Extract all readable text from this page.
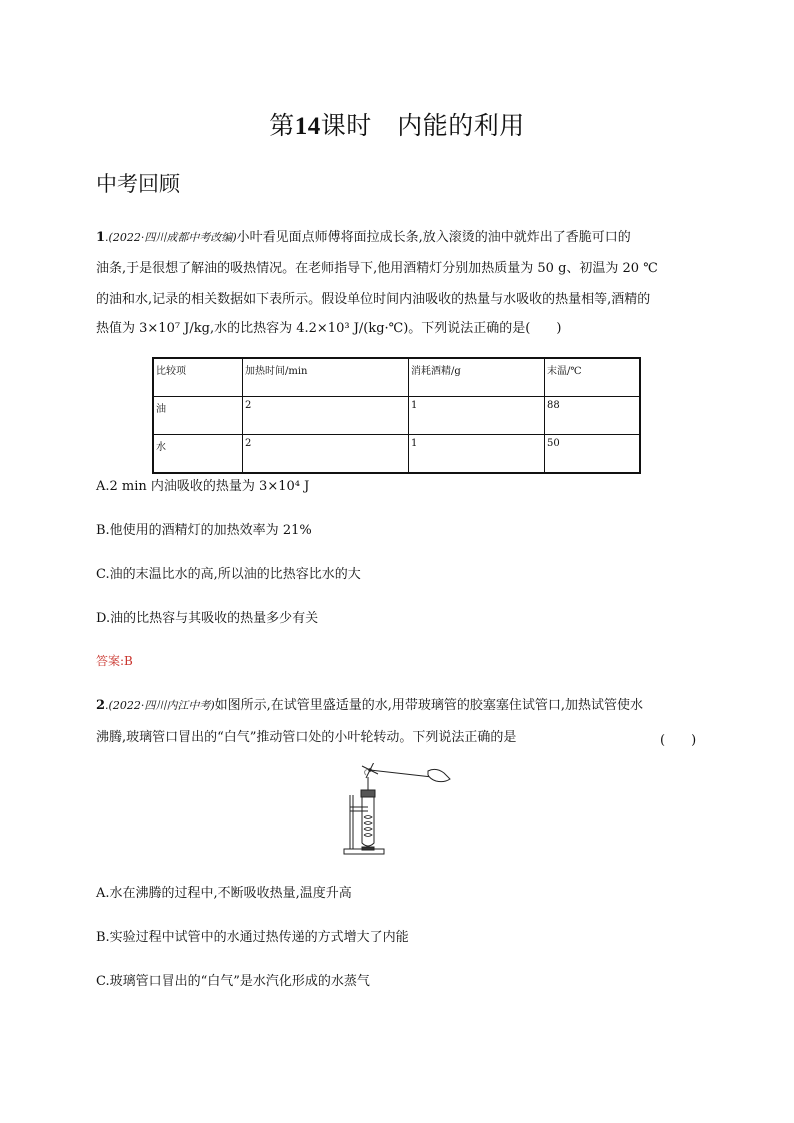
第14课时　 内能的利用
中考回顾
1.(2022·四川成都中考改编)小叶看见面点师傅将面拉成长条,放入滚烫的油中就炸出了香脆可口的
油条,于是很想了解油的吸热情况。在老师指导下,他用酒精灯分别加热质量为 50 g、初温为 20 ℃
的油和水,记录的相关数据如下表所示。假设单位时间内油吸收的热量与水吸收的热量相等,酒精的
热值为 3×10⁷ J/kg,水的比热容为 4.2×10³ J/(kg·℃)。下列说法正确的是(　　)
比较项	加热时间/min	消耗酒精/g	末温/℃
油	2	1	88
水	2	1	50
A.2 min 内油吸收的热量为 3×10⁴ J
B.他使用的酒精灯的加热效率为 21%
C.油的末温比水的高,所以油的比热容比水的大
D.油的比热容与其吸收的热量多少有关
答案:B
2.(2022·四川内江中考)如图所示,在试管里盛适量的水,用带玻璃管的胶塞塞住试管口,加热试管使水
沸腾,玻璃管口冒出的“白气”推动管口处的小叶轮转动。下列说法正确的是	(　　)
A.水在沸腾的过程中,不断吸收热量,温度升高
B.实验过程中试管中的水通过热传递的方式增大了内能
C.玻璃管口冒出的“白气”是水汽化形成的水蒸气
